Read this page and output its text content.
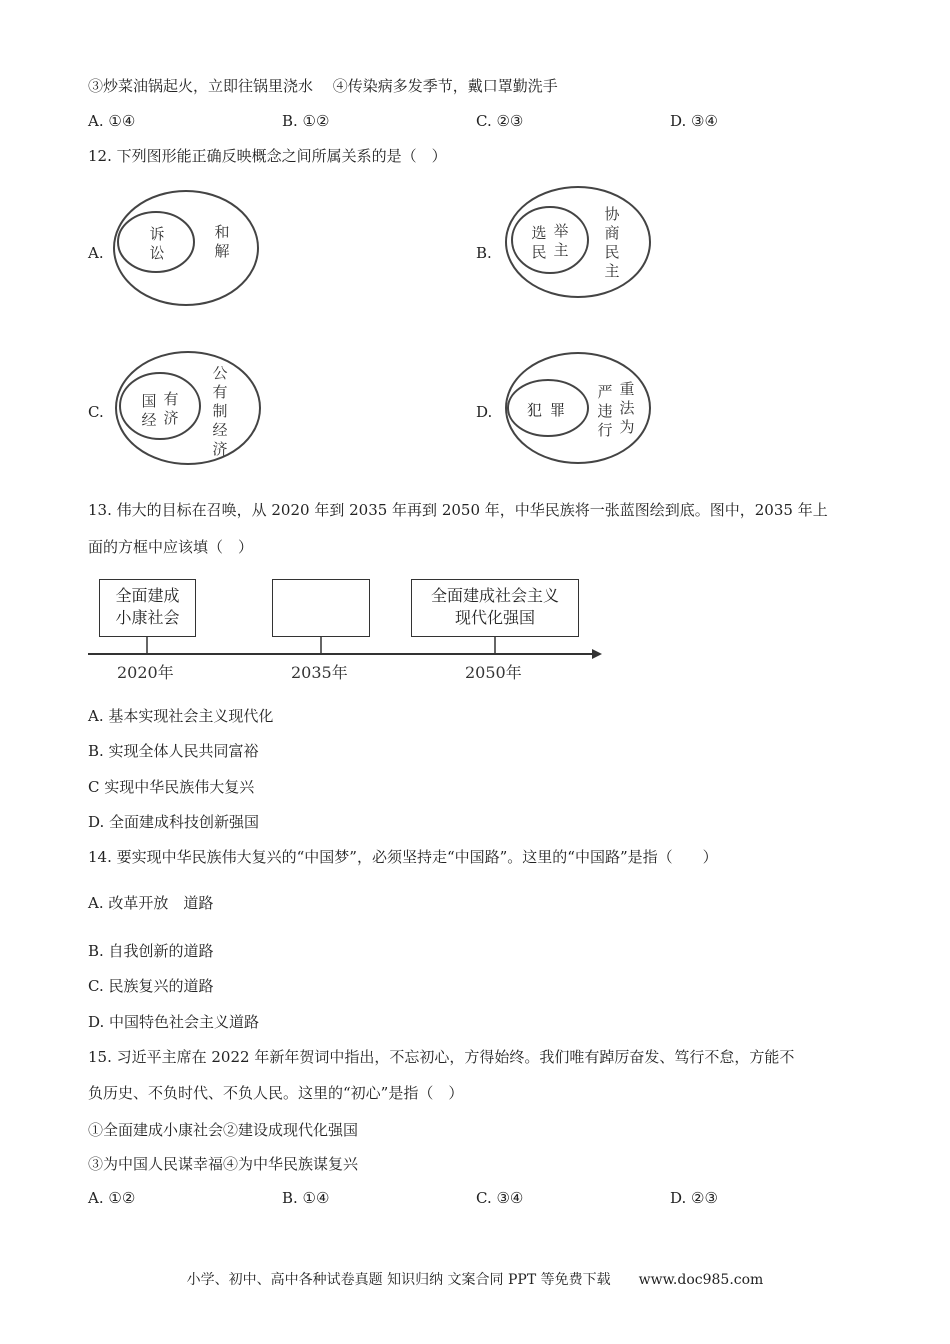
③炒菜油锅起火，立即往锅里浇水　 ④传染病多发季节，戴口罩勤洗手
A. ①④	B. ①②	C. ②③	D. ③④
12. 下列图形能正确反映概念之间所属关系的是（　）
A.
诉
讼
和
解	B.
选
民
举
主
协
商
民
主
C.
国
经
有
济
公
有
制
经
济
D. 犯罪
严
违
行
重
法
为
13. 伟大的目标在召唤，从 2020 年到 2035 年再到 2050 年，中华民族将一张蓝图绘到底。图中，2035 年上
面的方框中应该填（　）
全面建成
小康社会
全面建成社会主义
现代化强国
2020年	2035年	2050年
A. 基本实现社会主义现代化
B. 实现全体人民共同富裕
C 实现中华民族伟大复兴
D. 全面建成科技创新强国
14. 要实现中华民族伟大复兴的“中国梦”，必须坚持走“中国路”。这里的“中国路”是指（　　）
A. 改革开放　道路
B. 自我创新的道路
C. 民族复兴的道路
D. 中国特色社会主义道路
15. 习近平主席在 2022 年新年贺词中指出，不忘初心，方得始终。我们唯有踔厉奋发、笃行不怠，方能不
负历史、不负时代、不负人民。这里的“初心”是指（　）
①全面建成小康社会②建设成现代化强国
③为中国人民谋幸福④为中华民族谋复兴
A. ①②	B. ①④	C. ③④	D. ②③
小学、初中、高中各种试卷真题 知识归纳 文案合同 PPT 等免费下载　　www.doc985.com
